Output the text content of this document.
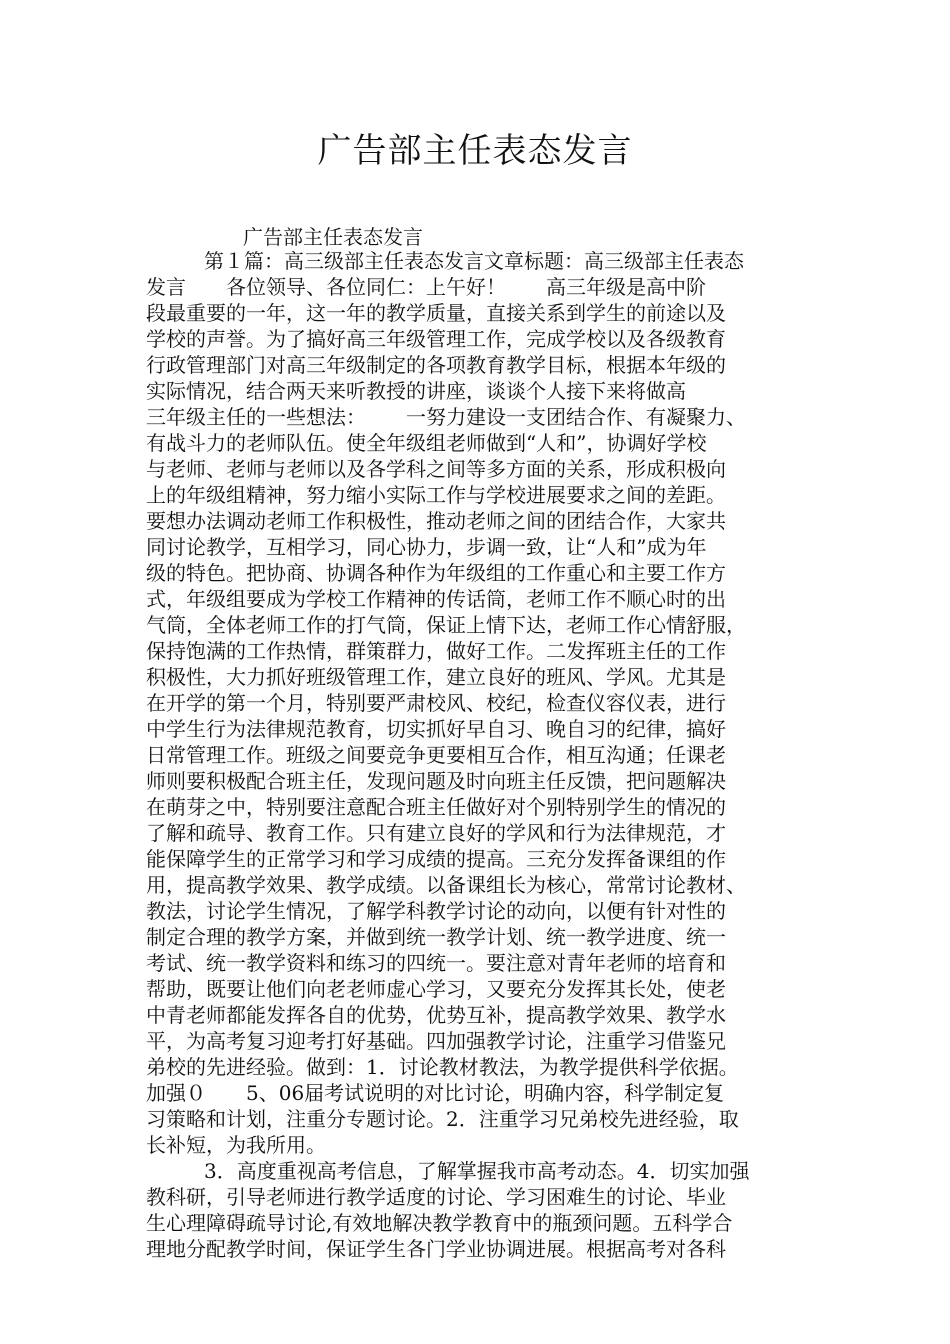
广告部主任表态发言
广告部主任表态发言
第１篇：高三级部主任表态发言文章标题：高三级部主任表态
发言 各位领导、各位同仁：上午好！ 高三年级是高中阶
段最重要的一年，这一年的教学质量，直接关系到学生的前途以及
学校的声誉。为了搞好高三年级管理工作，完成学校以及各级教育
行政管理部门对高三年级制定的各项教育教学目标，根据本年级的
实际情况，结合两天来听教授的讲座，谈谈个人接下来将做高
三年级主任的一些想法： 一努力建设一支团结合作、有凝聚力、
有战斗力的老师队伍。使全年级组老师做到“人和”，协调好学校
与老师、老师与老师以及各学科之间等多方面的关系，形成积极向
上的年级组精神，努力缩小实际工作与学校进展要求之间的差距。
要想办法调动老师工作积极性，推动老师之间的团结合作，大家共
同讨论教学，互相学习，同心协力，步调一致，让“人和”成为年
级的特色。把协商、协调各种作为年级组的工作重心和主要工作方
式，年级组要成为学校工作精神的传话筒，老师工作不顺心时的出
气筒，全体老师工作的打气筒，保证上情下达，老师工作心情舒服，
保持饱满的工作热情，群策群力，做好工作。二发挥班主任的工作
积极性，大力抓好班级管理工作，建立良好的班风、学风。尤其是
在开学的第一个月，特别要严肃校风、校纪，检查仪容仪表，进行
中学生行为法律规范教育，切实抓好早自习、晚自习的纪律，搞好
日常管理工作。班级之间要竞争更要相互合作，相互沟通；任课老
师则要积极配合班主任，发现问题及时向班主任反馈，把问题解决
在萌芽之中，特别要注意配合班主任做好对个别特别学生的情况的
了解和疏导、教育工作。只有建立良好的学风和行为法律规范，才
能保障学生的正常学习和学习成绩的提高。三充分发挥备课组的作
用，提高教学效果、教学成绩。以备课组长为核心，常常讨论教材、
教法，讨论学生情况，了解学科教学讨论的动向，以便有针对性的
制定合理的教学方案，并做到统一教学计划、统一教学进度、统一
考试、统一教学资料和练习的四统一。要注意对青年老师的培育和
帮助，既要让他们向老老师虚心学习，又要充分发挥其长处，使老
中青老师都能发挥各自的优势，优势互补，提高教学效果、教学水
平，为高考复习迎考打好基础。四加强教学讨论，注重学习借鉴兄
弟校的先进经验。做到：1．讨论教材教法，为教学提供科学依据。
加强０ 5、06届考试说明的对比讨论，明确内容，科学制定复
习策略和计划，注重分专题讨论。2．注重学习兄弟校先进经验，取
长补短，为我所用。
3．高度重视高考信息，了解掌握我市高考动态。4．切实加强
教科研，引导老师进行教学适度的讨论、学习困难生的讨论、毕业
生心理障碍疏导讨论,有效地解决教学教育中的瓶颈问题。五科学合
理地分配教学时间，保证学生各门学业协调进展。根据高考对各科
